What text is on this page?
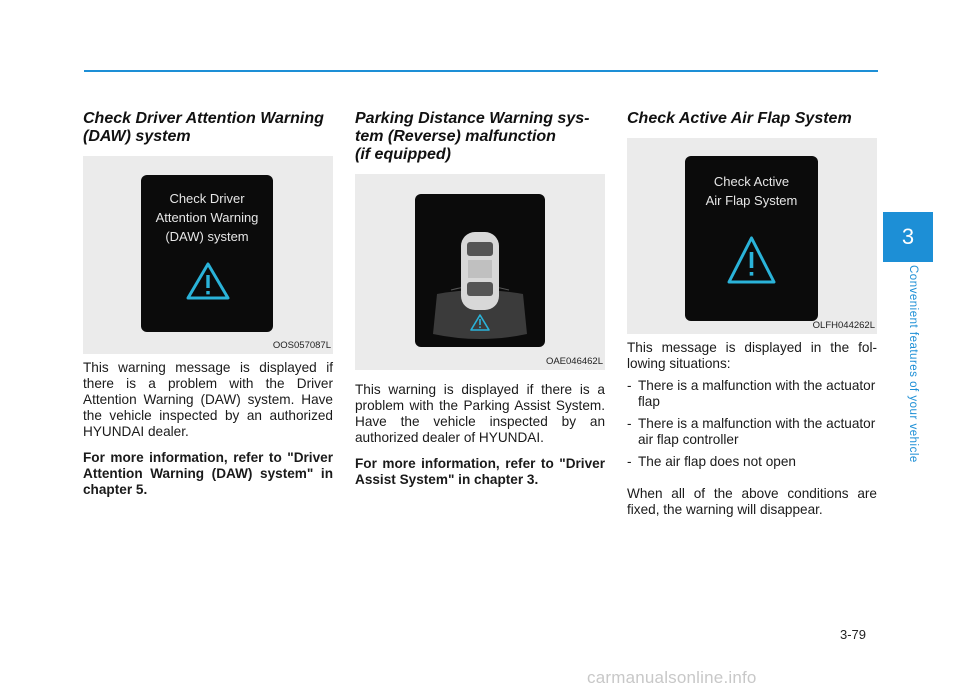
Check Driver Attention Warning
(DAW) system
Check Driver
Attention Warning
(DAW) system
OOS057087L

This warning message is displayed if there is a problem with the Driver Attention Warning (DAW) system. Have the vehicle inspected by an authorized HYUNDAI dealer.

For more information, refer to "Driver Attention Warning (DAW) system" in chapter 5.

Parking Distance Warning sys-
tem (Reverse) malfunction
(if equipped)
OAE046462L

This warning is displayed if there is a problem with the Parking Assist System. Have the vehicle inspected by an authorized dealer of HYUNDAI.

For more information, refer to "Driver Assist System" in chapter 3.

Check Active Air Flap System
Check Active
Air Flap System
OLFH044262L

This message is displayed in the fol-lowing situations:

- There is a malfunction with the actuator flap
- There is a malfunction with the actuator air flap controller
- The air flap does not open

When all of the above conditions are fixed, the warning will disappear.

3
Convenient features of your vehicle
3-79
carmanualsonline.info
